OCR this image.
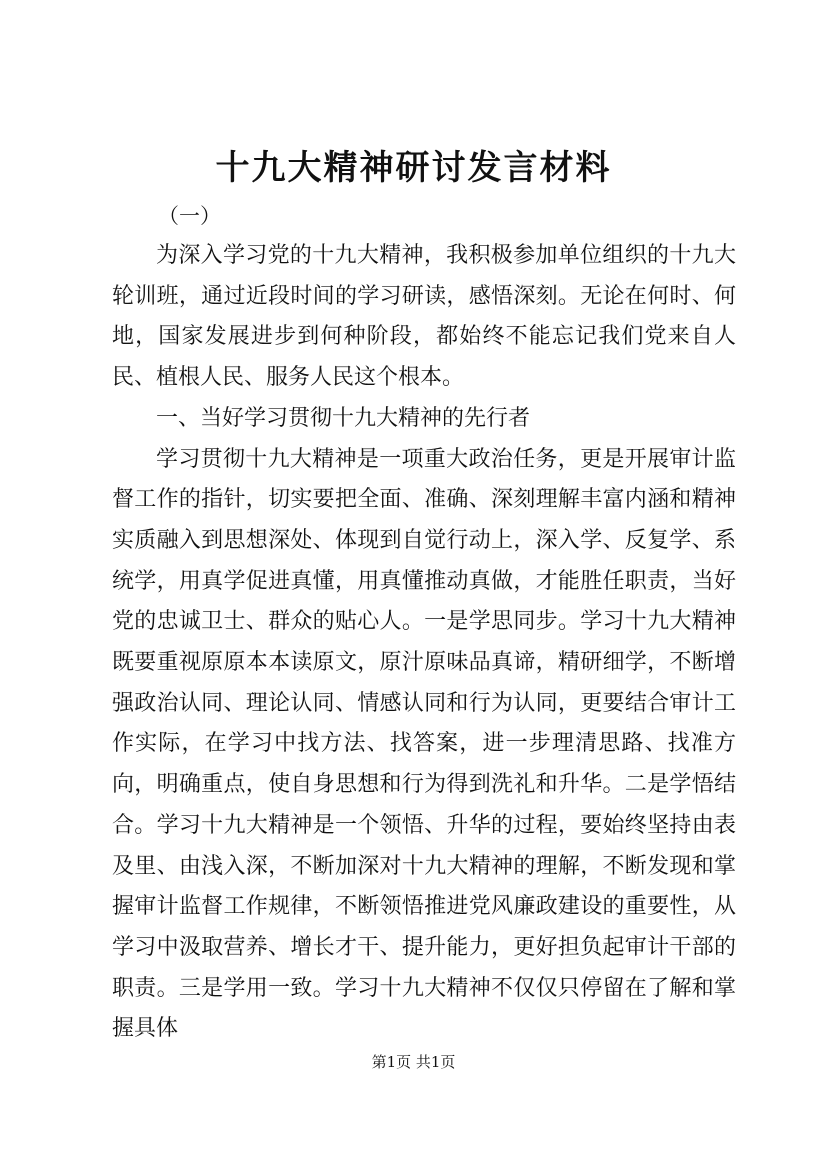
十九大精神研讨发言材料

（一）

为深入学习党的十九大精神，我积极参加单位组织的十九大轮训班，通过近段时间的学习研读，感悟深刻。无论在何时、何地，国家发展进步到何种阶段，都始终不能忘记我们党来自人民、植根人民、服务人民这个根本。

一、当好学习贯彻十九大精神的先行者

学习贯彻十九大精神是一项重大政治任务，更是开展审计监督工作的指针，切实要把全面、准确、深刻理解丰富内涵和精神实质融入到思想深处、体现到自觉行动上，深入学、反复学、系统学，用真学促进真懂，用真懂推动真做，才能胜任职责，当好党的忠诚卫士、群众的贴心人。一是学思同步。学习十九大精神既要重视原原本本读原文，原汁原味品真谛，精研细学，不断增强政治认同、理论认同、情感认同和行为认同，更要结合审计工作实际，在学习中找方法、找答案，进一步理清思路、找准方向，明确重点，使自身思想和行为得到洗礼和升华。二是学悟结合。学习十九大精神是一个领悟、升华的过程，要始终坚持由表及里、由浅入深，不断加深对十九大精神的理解，不断发现和掌握审计监督工作规律，不断领悟推进党风廉政建设的重要性，从学习中汲取营养、增长才干、提升能力，更好担负起审计干部的职责。三是学用一致。学习十九大精神不仅仅只停留在了解和掌握具体

第1页 共1页
